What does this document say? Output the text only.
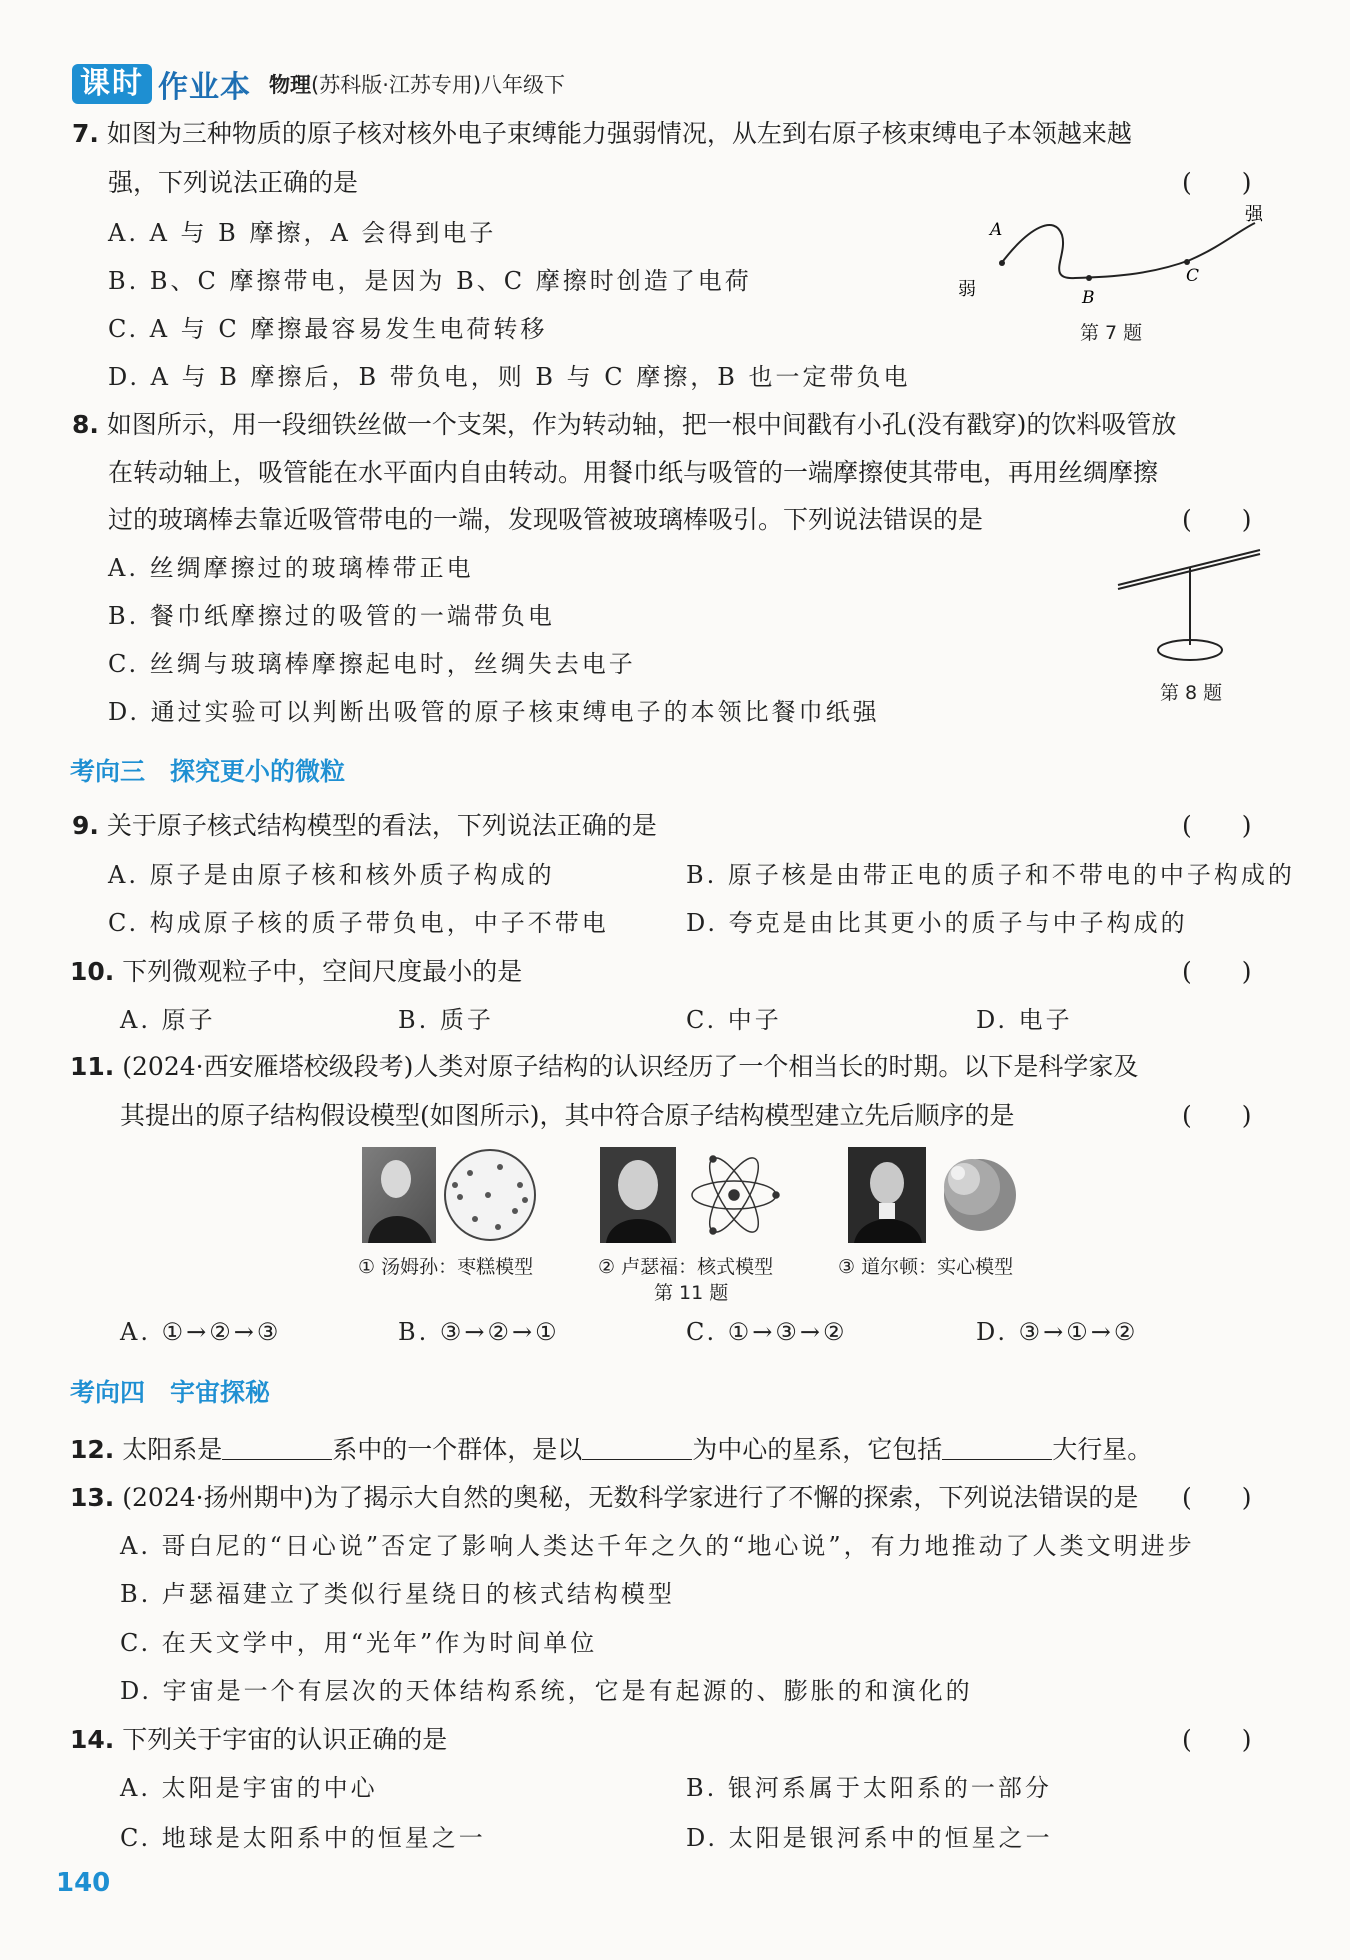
课时 作业本 物理(苏科版·江苏专用)八年级下
7. 如图为三种物质的原子核对核外电子束缚能力强弱情况，从左到右原子核束缚电子本领越来越
强，下列说法正确的是	(　　)
A. A 与 B 摩擦，A 会得到电子
B. B、C 摩擦带电，是因为 B、C 摩擦时创造了电荷
C. A 与 C 摩擦最容易发生电荷转移
D. A 与 B 摩擦后，B 带负电，则 B 与 C 摩擦，B 也一定带负电
弱
强
A
B
C
第 7 题
8. 如图所示，用一段细铁丝做一个支架，作为转动轴，把一根中间戳有小孔(没有戳穿)的饮料吸管放
在转动轴上，吸管能在水平面内自由转动。用餐巾纸与吸管的一端摩擦使其带电，再用丝绸摩擦
过的玻璃棒去靠近吸管带电的一端，发现吸管被玻璃棒吸引。下列说法错误的是	(　　)
A. 丝绸摩擦过的玻璃棒带正电
B. 餐巾纸摩擦过的吸管的一端带负电
C. 丝绸与玻璃棒摩擦起电时，丝绸失去电子
D. 通过实验可以判断出吸管的原子核束缚电子的本领比餐巾纸强
第 8 题
考向三　探究更小的微粒
9. 关于原子核式结构模型的看法，下列说法正确的是	(　　)
A. 原子是由原子核和核外质子构成的	B. 原子核是由带正电的质子和不带电的中子构成的
C. 构成原子核的质子带负电，中子不带电	D. 夸克是由比其更小的质子与中子构成的
10. 下列微观粒子中，空间尺度最小的是	(　　)
A. 原子	B. 质子	C. 中子	D. 电子
11. (2024·西安雁塔校级段考)人类对原子结构的认识经历了一个相当长的时期。以下是科学家及
其提出的原子结构假设模型(如图所示)，其中符合原子结构模型建立先后顺序的是	(　　)
① 汤姆孙：枣糕模型	② 卢瑟福：核式模型	③ 道尔顿：实心模型
第 11 题
A. ①→②→③	B. ③→②→①	C. ①→③→②	D. ③→①→②
考向四　宇宙探秘
12. 太阳系是	系中的一个群体，是以	为中心的星系，它包括	大行星。
13. (2024·扬州期中)为了揭示大自然的奥秘，无数科学家进行了不懈的探索，下列说法错误的是 (　　)
A. 哥白尼的“日心说”否定了影响人类达千年之久的“地心说”，有力地推动了人类文明进步
B. 卢瑟福建立了类似行星绕日的核式结构模型
C. 在天文学中，用“光年”作为时间单位
D. 宇宙是一个有层次的天体结构系统，它是有起源的、膨胀的和演化的
14. 下列关于宇宙的认识正确的是	(　　)
A. 太阳是宇宙的中心	B. 银河系属于太阳系的一部分
C. 地球是太阳系中的恒星之一	D. 太阳是银河系中的恒星之一
140
